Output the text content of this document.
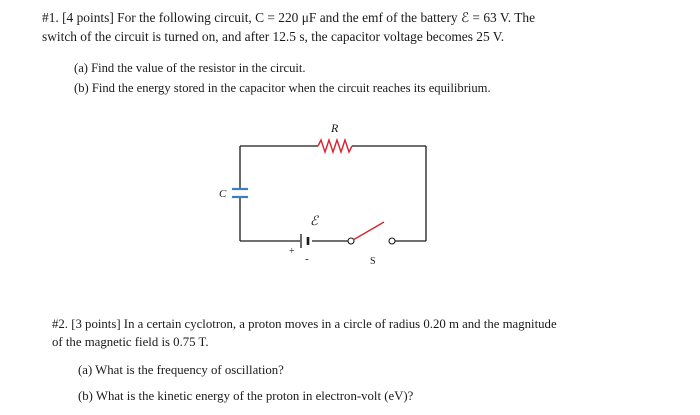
#1. [4 points] For the following circuit, C = 220 μF and the emf of the battery ℰ = 63 V. The
switch of the circuit is turned on, and after 12.5 s, the capacitor voltage becomes 25 V.
(a) Find the value of the resistor in the circuit.
(b) Find the energy stored in the capacitor when the circuit reaches its equilibrium.
R
C
ℰ
+
-	S
#2. [3 points] In a certain cyclotron, a proton moves in a circle of radius 0.20 m and the magnitude
of the magnetic field is 0.75 T.
(a) What is the frequency of oscillation?
(b) What is the kinetic energy of the proton in electron-volt (eV)?
